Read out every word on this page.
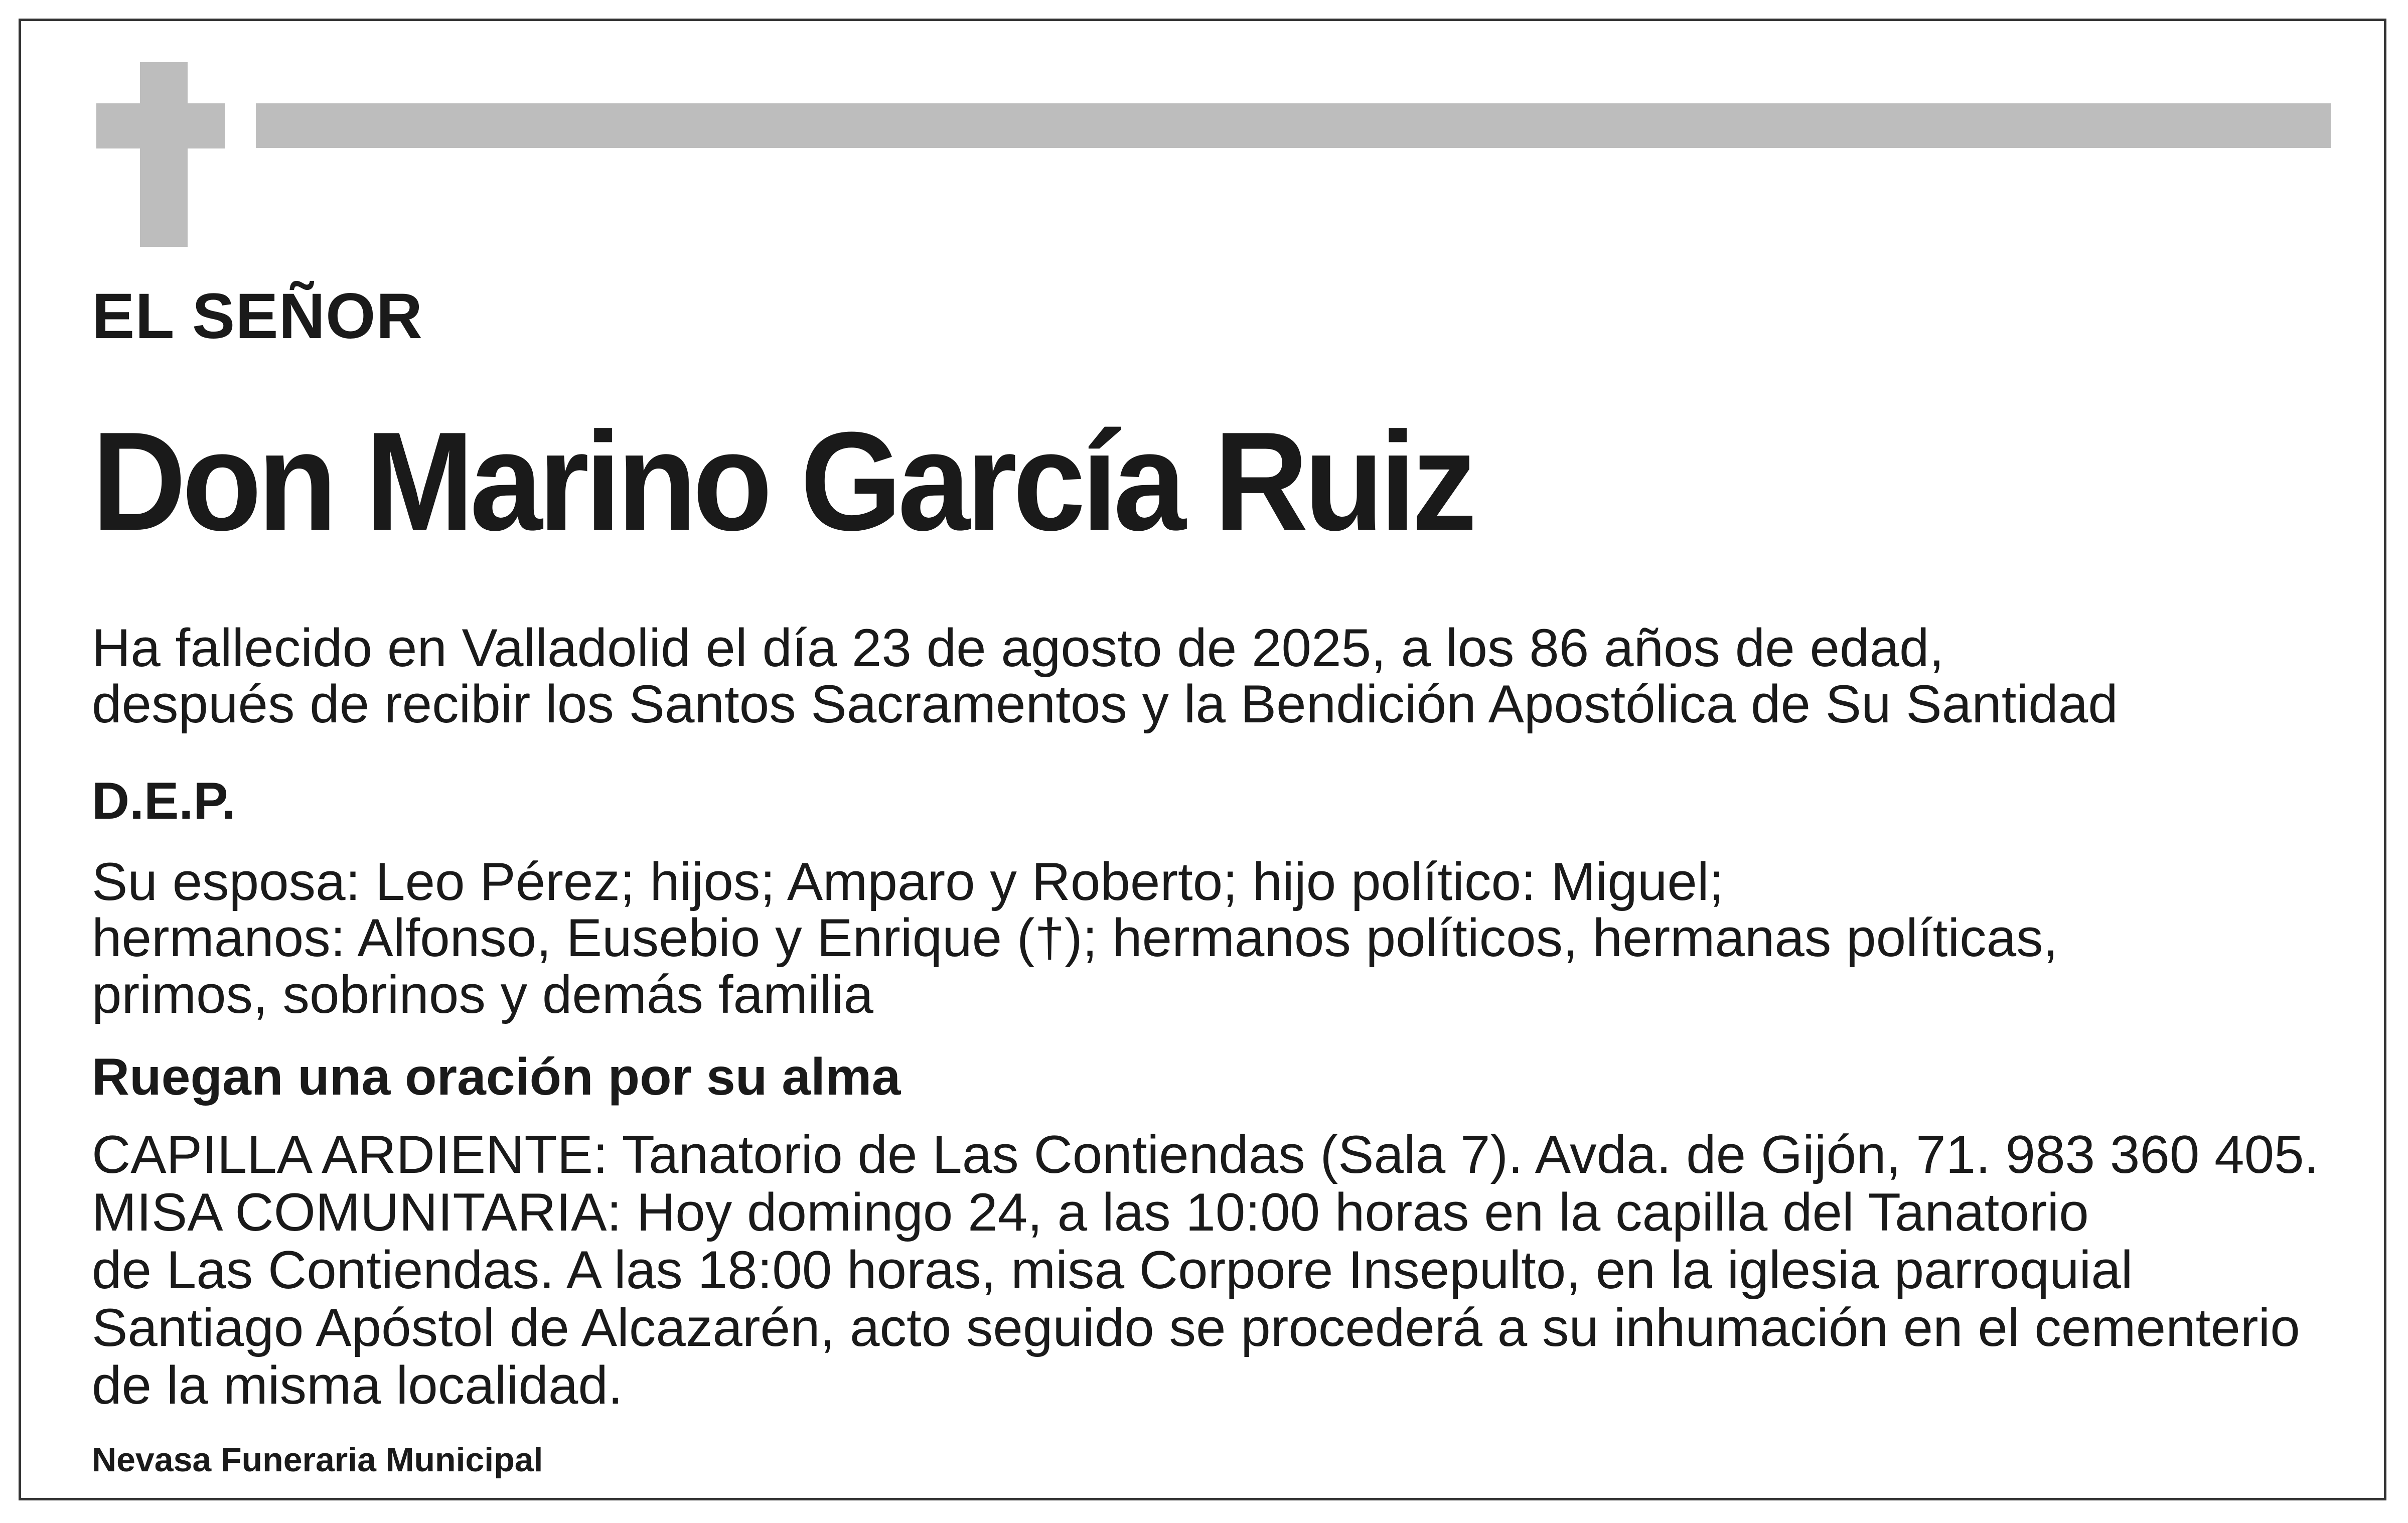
EL SEÑOR
Don Marino García Ruiz
Ha fallecido en Valladolid el día 23 de agosto de 2025, a los 86 años de edad,
después de recibir los Santos Sacramentos y la Bendición Apostólica de Su Santidad
D.E.P.
Su esposa: Leo Pérez; hijos; Amparo y Roberto; hijo político: Miguel;
hermanos: Alfonso, Eusebio y Enrique (†); hermanos políticos, hermanas políticas,
primos, sobrinos y demás familia
Ruegan una oración por su alma
CAPILLA ARDIENTE: Tanatorio de Las Contiendas (Sala 7). Avda. de Gijón, 71. 983 360 405.
MISA COMUNITARIA: Hoy domingo 24, a las 10:00 horas en la capilla del Tanatorio
de Las Contiendas. A las 18:00 horas, misa Corpore Insepulto, en la iglesia parroquial
Santiago Apóstol de Alcazarén, acto seguido se procederá a su inhumación en el cementerio
de la misma localidad.
Nevasa Funeraria Municipal
